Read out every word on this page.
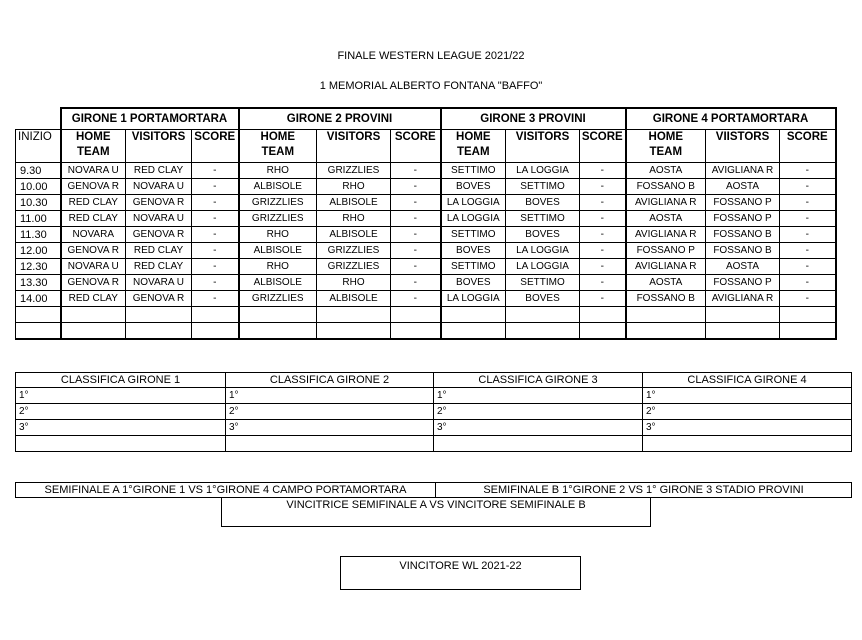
FINALE WESTERN LEAGUE 2021/22
1 MEMORIAL ALBERTO FONTANA "BAFFO"
	GIRONE 1 PORTAMORTARA			GIRONE 2 PROVINI			GIRONE 3 PROVINI			GIRONE 4 PORTAMORTARA		
INIZIO	HOME TEAM	VISITORS	SCORE	HOME TEAM	VISITORS	SCORE	HOME TEAM	VISITORS	SCORE	HOME TEAM	VIISTORS	SCORE
9.30	NOVARA U	RED CLAY	-	RHO	GRIZZLIES	-	SETTIMO	LA LOGGIA	-	AOSTA	AVIGLIANA R	-
10.00	GENOVA R	NOVARA U	-	ALBISOLE	RHO	-	BOVES	SETTIMO	-	FOSSANO B	AOSTA	-
10.30	RED CLAY	GENOVA R	-	GRIZZLIES	ALBISOLE	-	LA LOGGIA	BOVES	-	AVIGLIANA R	FOSSANO P	-
11.00	RED CLAY	NOVARA U	-	GRIZZLIES	RHO	-	LA LOGGIA	SETTIMO	-	AOSTA	FOSSANO P	-
11.30	NOVARA	GENOVA R	-	RHO	ALBISOLE	-	SETTIMO	BOVES	-	AVIGLIANA R	FOSSANO B	-
12.00	GENOVA R	RED CLAY	-	ALBISOLE	GRIZZLIES	-	BOVES	LA LOGGIA	-	FOSSANO P	FOSSANO B	-
12.30	NOVARA U	RED CLAY	-	RHO	GRIZZLIES	-	SETTIMO	LA LOGGIA	-	AVIGLIANA R	AOSTA	-
13.30	GENOVA R	NOVARA U	-	ALBISOLE	RHO	-	BOVES	SETTIMO	-	AOSTA	FOSSANO P	-
14.00	RED CLAY	GENOVA R	-	GRIZZLIES	ALBISOLE	-	LA LOGGIA	BOVES	-	FOSSANO B	AVIGLIANA R	-

CLASSIFICA GIRONE 1	CLASSIFICA GIRONE 2	CLASSIFICA GIRONE 3	CLASSIFICA GIRONE 4
1°	1°	1°	1°
2°	2°	2°	2°
3°	3°	3°	3°

SEMIFINALE A 1°GIRONE 1 VS 1°GIRONE 4 CAMPO PORTAMORTARA	SEMIFINALE B 1°GIRONE 2 VS 1° GIRONE 3 STADIO PROVINI
VINCITRICE SEMIFINALE A VS VINCITORE SEMIFINALE B
VINCITORE WL 2021-22
